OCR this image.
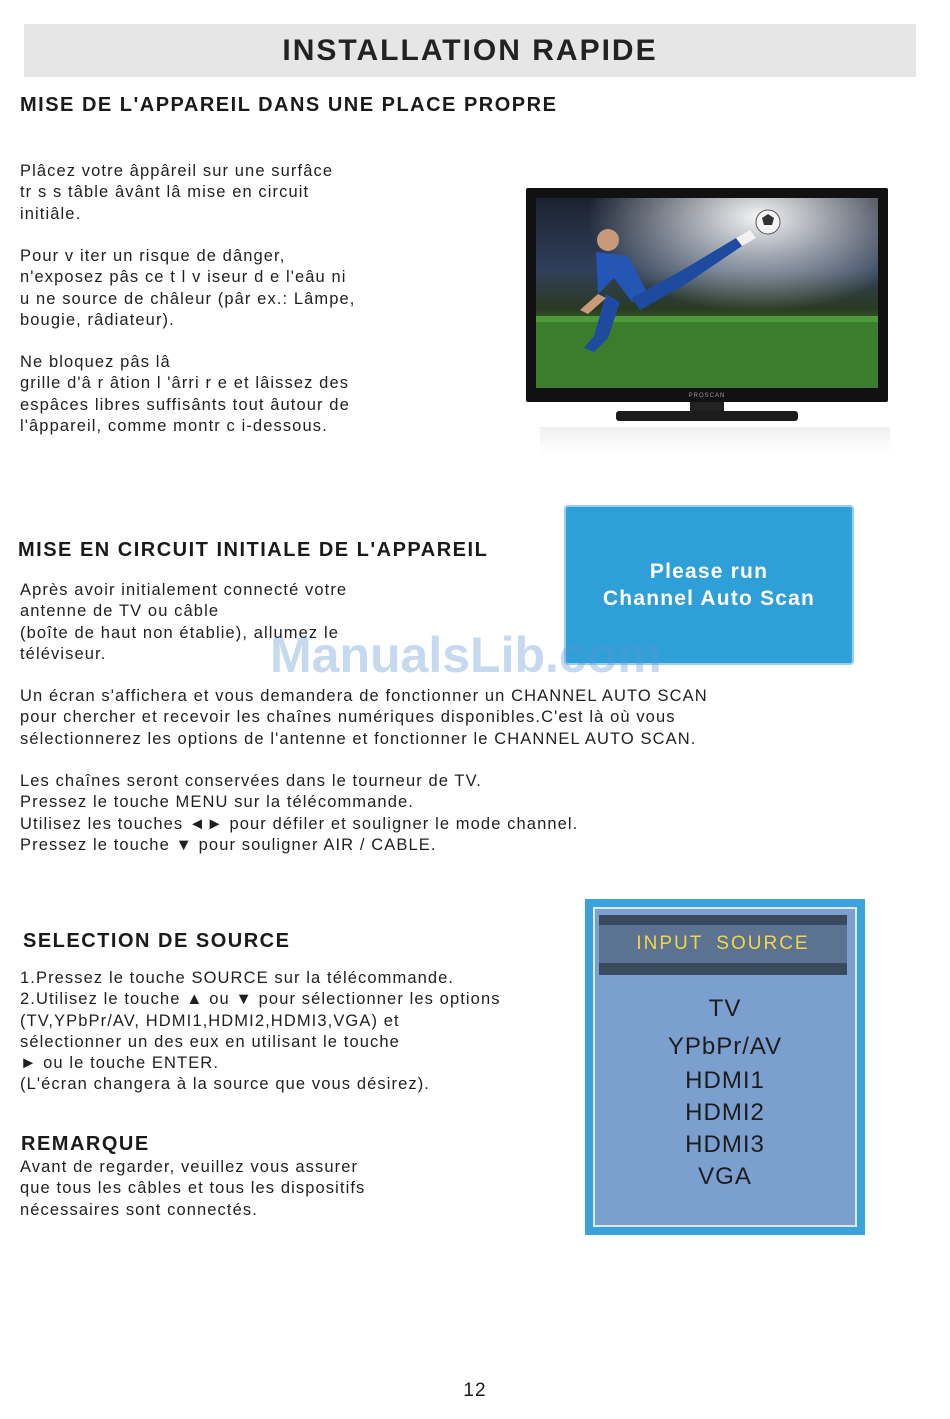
INSTALLATION RAPIDE
MISE DE L'APPAREIL DANS UNE PLACE PROPRE
Plâcez votre âppâreil sur une surfâce
tr s s tâble âvânt lâ mise en circuit
initiâle.
Pour v iter un risque de dânger,
n'exposez pâs ce t l v iseur d e l'eâu ni
u ne source de châleur (pâr ex.: Lâmpe,
bougie, râdiateur).
Ne bloquez pâs lâ
grille d'â r âtion l 'ârri r e et lâissez des
espâces libres suffisânts tout âutour de
l'âppareil, comme montr c i-dessous.
PROSCAN
MISE EN CIRCUIT INITIALE DE L'APPAREIL
Après avoir initialement connecté votre
antenne de TV ou câble
(boîte de haut non établie), allumez le
téléviseur.
Please run
Channel Auto Scan
ManualsLib.com
Un écran s'affichera et vous demandera de fonctionner un CHANNEL AUTO SCAN
pour chercher et recevoir les chaînes numériques disponibles.C'est là où vous
sélectionnerez les options de l'antenne et fonctionner le CHANNEL AUTO SCAN.
Les chaînes seront conservées dans le tourneur de TV.
Pressez le touche MENU sur la télécommande.
Utilisez les touches ◄► pour défiler et souligner le mode channel.
Pressez le touche ▼ pour souligner AIR / CABLE.
SELECTION DE SOURCE
1.Pressez le touche SOURCE sur la télécommande.
2.Utilisez le touche ▲ ou ▼ pour sélectionner les options
(TV,YPbPr/AV, HDMI1,HDMI2,HDMI3,VGA) et
sélectionner un des eux en utilisant le touche
► ou le touche ENTER.
(L'écran changera à la source que vous désirez).
REMARQUE
Avant de regarder, veuillez vous assurer
que tous les câbles et tous les dispositifs
nécessaires sont connectés.
INPUT SOURCE
TV
YPbPr/AV
HDMI1
HDMI2
HDMI3
VGA
12
